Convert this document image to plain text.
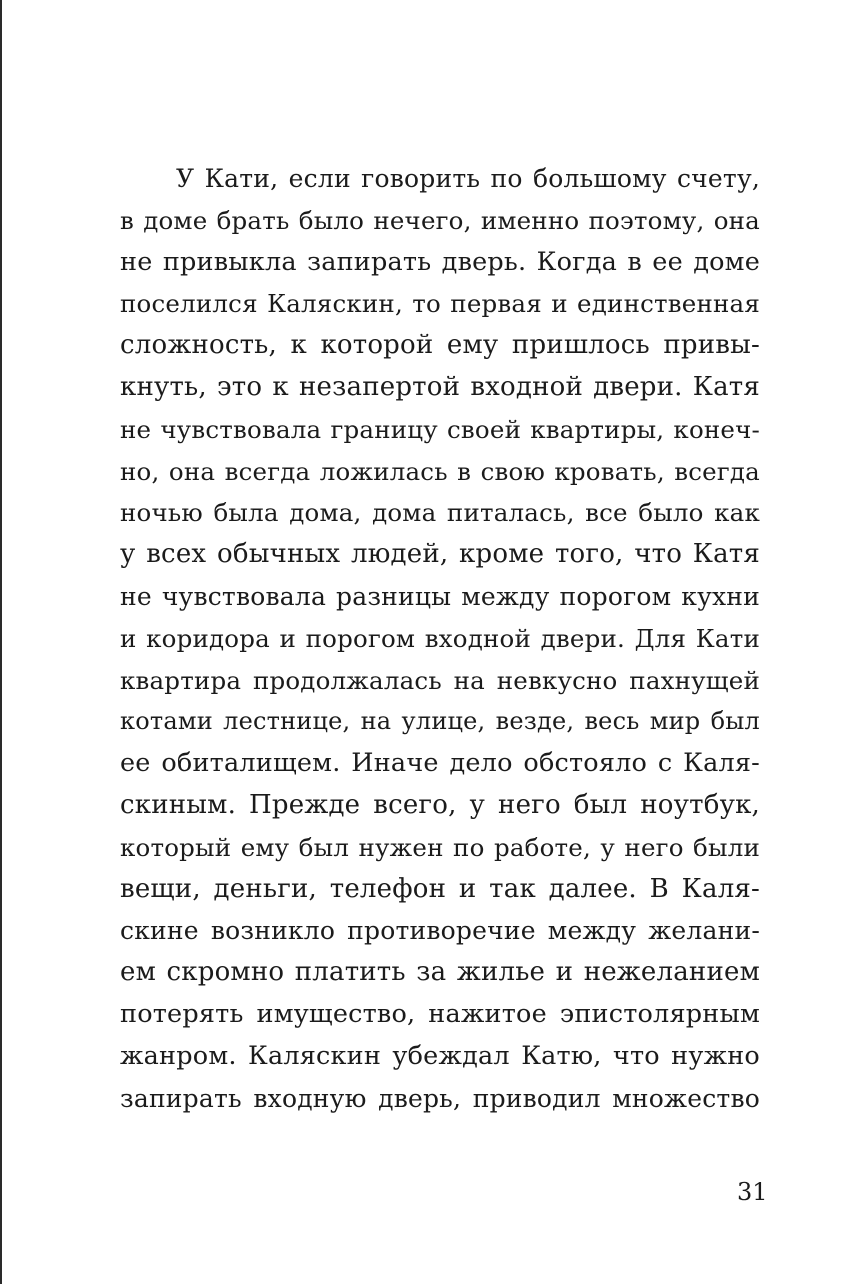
У Кати, если говорить по большому счету,
в доме брать было нечего, именно поэтому, она
не привыкла запирать дверь. Когда в ее доме
поселился Каляскин, то первая и единственная
сложность, к которой ему пришлось привы-
кнуть, это к незапертой входной двери. Катя
не чувствовала границу своей квартиры, конеч-
но, она всегда ложилась в свою кровать, всегда
ночью была дома, дома питалась, все было как
у всех обычных людей, кроме того, что Катя
не чувствовала разницы между порогом кухни
и коридора и порогом входной двери. Для Кати
квартира продолжалась на невкусно пахнущей
котами лестнице, на улице, везде, весь мир был
ее обиталищем. Иначе дело обстояло с Каля-
скиным. Прежде всего, у него был ноутбук,
который ему был нужен по работе, у него были
вещи, деньги, телефон и так далее. В Каля-
скине возникло противоречие между желани-
ем скромно платить за жилье и нежеланием
потерять имущество, нажитое эпистолярным
жанром. Каляскин убеждал Катю, что нужно
запирать входную дверь, приводил множество
31
